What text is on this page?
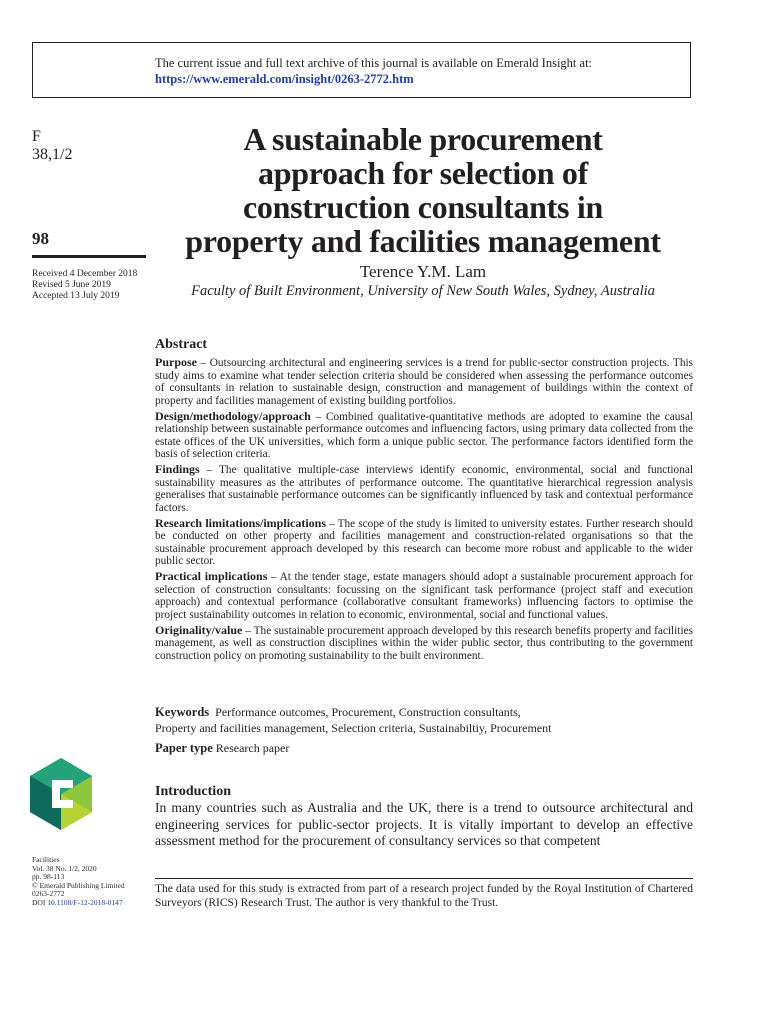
The current issue and full text archive of this journal is available on Emerald Insight at:
https://www.emerald.com/insight/0263-2772.htm
F
38,1/2
98
Received 4 December 2018
Revised 5 June 2019
Accepted 13 July 2019
A sustainable procurement
approach for selection of
construction consultants in
property and facilities management
Terence Y.M. Lam
Faculty of Built Environment, University of New South Wales, Sydney, Australia
Abstract

Purpose – Outsourcing architectural and engineering services is a trend for public-sector construction projects. This study aims to examine what tender selection criteria should be considered when assessing the performance outcomes of consultants in relation to sustainable design, construction and management of buildings within the context of property and facilities management of existing building portfolios.

Design/methodology/approach – Combined qualitative-quantitative methods are adopted to examine the causal relationship between sustainable performance outcomes and influencing factors, using primary data collected from the estate offices of the UK universities, which form a unique public sector. The performance factors identified form the basis of selection criteria.

Findings – The qualitative multiple-case interviews identify economic, environmental, social and functional sustainability measures as the attributes of performance outcome. The quantitative hierarchical regression analysis generalises that sustainable performance outcomes can be significantly influenced by task and contextual performance factors.

Research limitations/implications – The scope of the study is limited to university estates. Further research should be conducted on other property and facilities management and construction-related organisations so that the sustainable procurement approach developed by this research can become more robust and applicable to the wider public sector.

Practical implications – At the tender stage, estate managers should adopt a sustainable procurement approach for selection of construction consultants: focussing on the significant task performance (project staff and execution approach) and contextual performance (collaborative consultant frameworks) influencing factors to optimise the project sustainability outcomes in relation to economic, environmental, social and functional values.

Originality/value – The sustainable procurement approach developed by this research benefits property and facilities management, as well as construction disciplines within the wider public sector, thus contributing to the government construction policy on promoting sustainability to the built environment.

Keywords Performance outcomes, Procurement, Construction consultants,
Property and facilities management, Selection criteria, Sustainabiltiy, Procurement
Paper type Research paper
Introduction
In many countries such as Australia and the UK, there is a trend to outsource architectural and engineering services for public-sector projects. It is vitally important to develop an effective assessment method for the procurement of consultancy services so that competent
Facilities
Vol. 38 No. 1/2, 2020
pp. 98-113
© Emerald Publishing Limited
0263-2772
DOI 10.1108/F-12-2018-0147
The data used for this study is extracted from part of a research project funded by the Royal Institution of Chartered Surveyors (RICS) Research Trust. The author is very thankful to the Trust.
